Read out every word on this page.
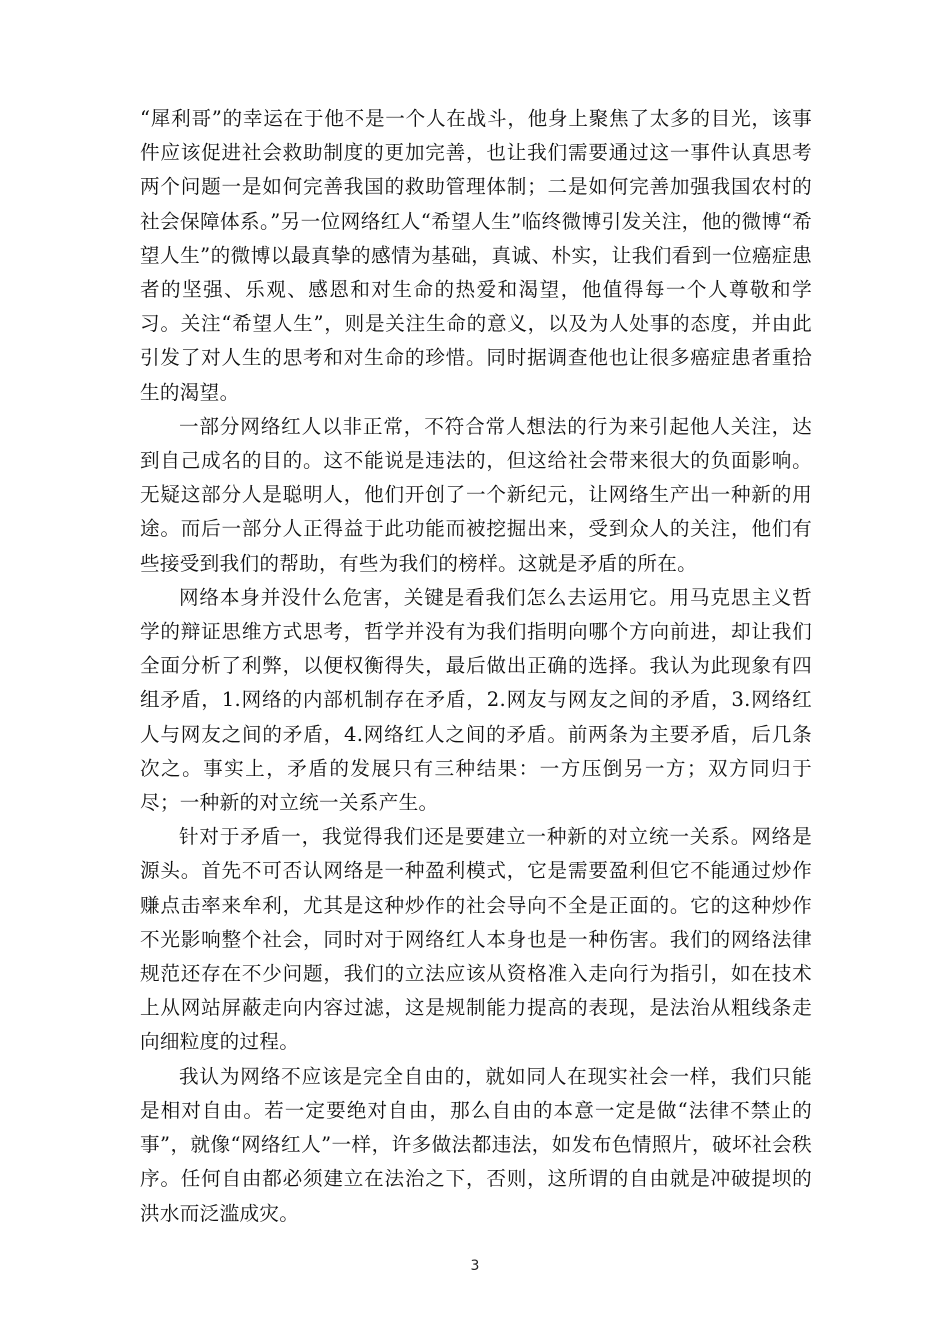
“犀利哥”的幸运在于他不是一个人在战斗，他身上聚焦了太多的目光，该事件应该促进社会救助制度的更加完善，也让我们需要通过这一事件认真思考两个问题一是如何完善我国的救助管理体制；二是如何完善加强我国农村的社会保障体系。”另一位网络红人“希望人生”临终微博引发关注，他的微博“希望人生”的微博以最真挚的感情为基础，真诚、朴实，让我们看到一位癌症患者的坚强、乐观、感恩和对生命的热爱和渴望，他值得每一个人尊敬和学习。关注“希望人生”，则是关注生命的意义，以及为人处事的态度，并由此引发了对人生的思考和对生命的珍惜。同时据调查他也让很多癌症患者重拾生的渴望。

一部分网络红人以非正常，不符合常人想法的行为来引起他人关注，达到自己成名的目的。这不能说是违法的，但这给社会带来很大的负面影响。无疑这部分人是聪明人，他们开创了一个新纪元，让网络生产出一种新的用途。而后一部分人正得益于此功能而被挖掘出来，受到众人的关注，他们有些接受到我们的帮助，有些为我们的榜样。这就是矛盾的所在。

网络本身并没什么危害，关键是看我们怎么去运用它。用马克思主义哲学的辩证思维方式思考，哲学并没有为我们指明向哪个方向前进，却让我们全面分析了利弊，以便权衡得失，最后做出正确的选择。我认为此现象有四组矛盾，1.网络的内部机制存在矛盾，2.网友与网友之间的矛盾，3.网络红人与网友之间的矛盾，4.网络红人之间的矛盾。前两条为主要矛盾，后几条次之。事实上，矛盾的发展只有三种结果：一方压倒另一方；双方同归于尽；一种新的对立统一关系产生。

针对于矛盾一，我觉得我们还是要建立一种新的对立统一关系。网络是源头。首先不可否认网络是一种盈利模式，它是需要盈利但它不能通过炒作赚点击率来牟利，尤其是这种炒作的社会导向不全是正面的。它的这种炒作不光影响整个社会，同时对于网络红人本身也是一种伤害。我们的网络法律规范还存在不少问题，我们的立法应该从资格准入走向行为指引，如在技术上从网站屏蔽走向内容过滤，这是规制能力提高的表现，是法治从粗线条走向细粒度的过程。

我认为网络不应该是完全自由的，就如同人在现实社会一样，我们只能是相对自由。若一定要绝对自由，那么自由的本意一定是做“法律不禁止的事”，就像“网络红人”一样，许多做法都违法，如发布色情照片，破坏社会秩序。任何自由都必须建立在法治之下，否则，这所谓的自由就是冲破提坝的洪水而泛滥成灾。

3
